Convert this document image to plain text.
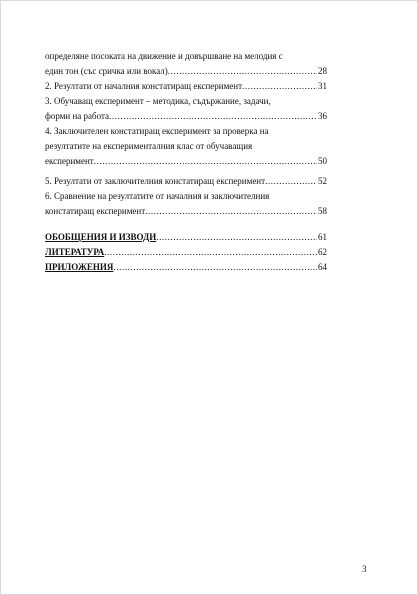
определяне посоката на движение и довършване на мелодия с
един тон (със сричка или вокал) .....	28
2. Резултати от началния констатиращ експеримент .....	31
3. Обучаващ експеримент – методика, съдържание, задачи,
форми на работа .....	36
4. Заключителен констатиращ експеримент за проверка на
резултатите на експерименталния клас от обучаващия
експеримент .....	50
5. Резултати от заключителния констатиращ експеримент .....	52
6. Сравнение на резултатите от началния и заключителния
констатиращ експеримент .....	58
ОБОБЩЕНИЯ И ИЗВОДИ .....	61
ЛИТЕРАТУРА .....	62
ПРИЛОЖЕНИЯ .....	64
3
